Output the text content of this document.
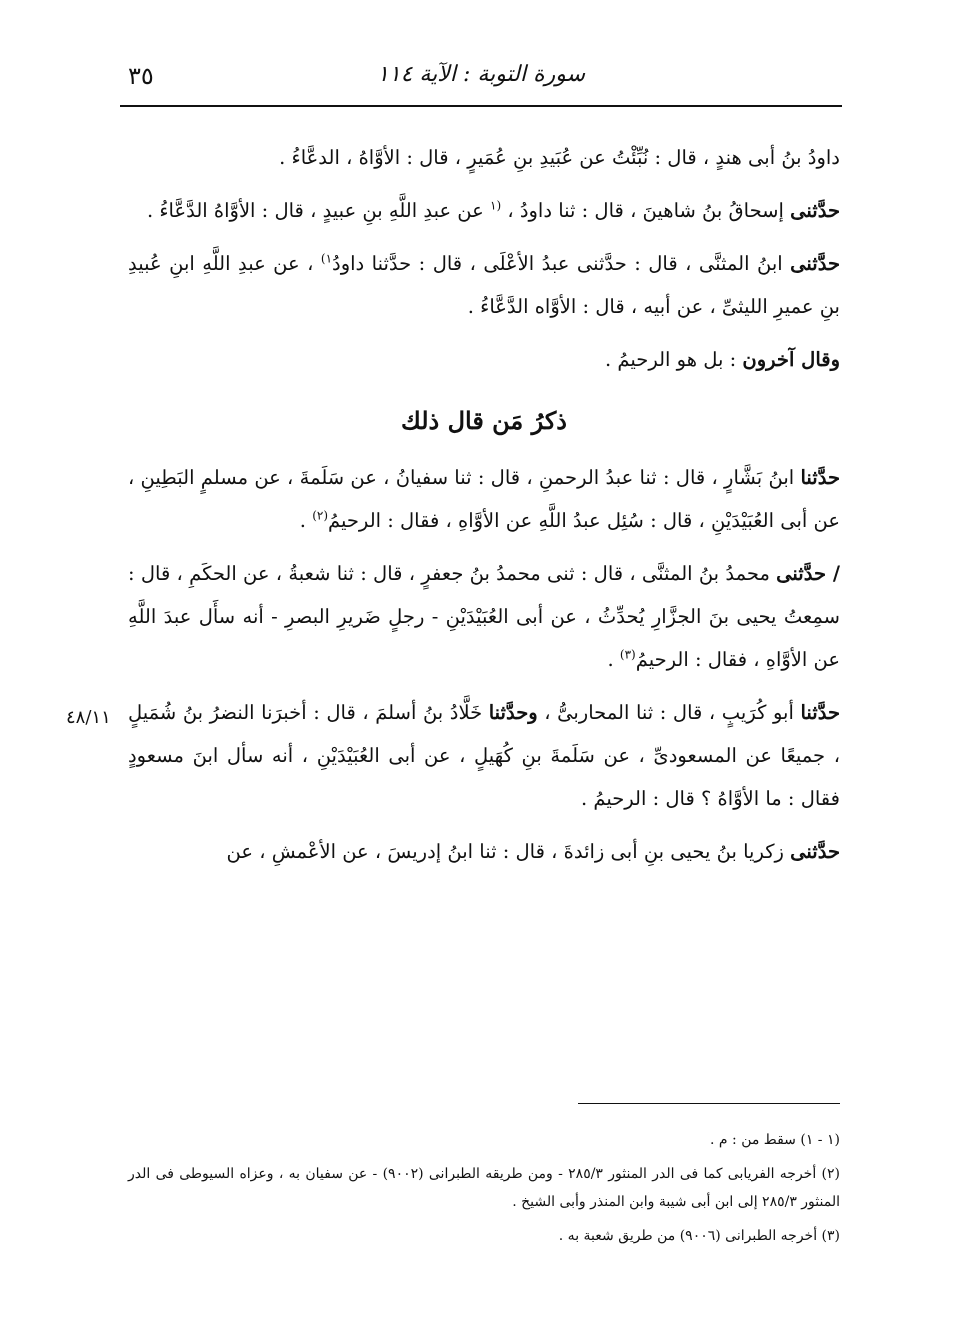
٣٥	سورة التوبة : الآية ١١٤

داودُ بنُ أبى هندٍ ، قال : نُبِّئْتُ عن عُبَيدِ بنِ عُمَيرٍ ، قال : الأوَّاهُ ، الدعَّاءُ .

حدَّثنى إسحاقُ بنُ شاهينَ ، قال : ثنا داودُ ، $^{(١}$ عن عبدِ اللَّهِ بنِ عبيدٍ ، قال : الأوَّاهُ الدَّعَّاءُ .

حدَّثنى ابنُ المثنَّى ، قال : حدَّثنى عبدُ الأعْلَى ، قال : حدَّثنا داودُ$^{١)}$ ، عن عبدِ اللَّهِ ابنِ عُبيدِ بنِ عميرِ الليثىِّ ، عن أبيه ، قال : الأوَّاه الدَّعَّاءُ .

وقال آخرون : بل هو الرحيمُ .

ذكرُ مَن قال ذلك

حدَّثنا ابنُ بَشَّارٍ ، قال : ثنا عبدُ الرحمنِ ، قال : ثنا سفيانُ ، عن سَلَمةَ ، عن مسلمٍ البَطِينِ ، عن أبى العُبَيْدَيْنِ ، قال : سُئِل عبدُ اللَّهِ عن الأوَّاهِ ، فقال : الرحيمُ$^{(٢)}$ .

/ حدَّثنى محمدُ بنُ المثنَّى ، قال : ثنى محمدُ بنُ جعفرٍ ، قال : ثنا شعبةُ ، عن الحكَمِ ، قال : سمِعتُ يحيى بنَ الجزَّارِ يُحدِّثُ ، عن أبى العُبَيْدَيْنِ - رجلٍ ضَريرِ البصرِ - أنه سأَل عبدَ اللَّهِ عن الأوَّاهِ ، فقال : الرحيمُ$^{(٣)}$ .

حدَّثنا أبو كُرَيبٍ ، قال : ثنا المحاربىُّ ، وحدَّثنا خَلَّادُ بنُ أسلمَ ، قال : أخبرَنا النضرُ بنُ شُمَيلٍ ، جميعًا عن المسعودىِّ ، عن سَلَمةَ بنِ كُهَيلٍ ، عن أبى العُبَيْدَيْنِ ، أنه سأل ابنَ مسعودٍ فقال : ما الأوَّاهُ ؟ قال : الرحيمُ .

حدَّثنى زكريا بنُ يحيى بنِ أبى زائدةَ ، قال : ثنا ابنُ إدريسَ ، عن الأعْمشِ ، عن

٤٨/١١

(١ - ١) سقط من : م .

(٢) أخرجه الفريابى كما فى الدر المنثور ٢٨٥/٣ - ومن طريقه الطبرانى (٩٠٠٢) - عن سفيان به ، وعزاه السيوطى فى الدر المنثور ٢٨٥/٣ إلى ابن أبى شيبة وابن المنذر وأبى الشيخ .

(٣) أخرجه الطبرانى (٩٠٠٦) من طريق شعبة به .
